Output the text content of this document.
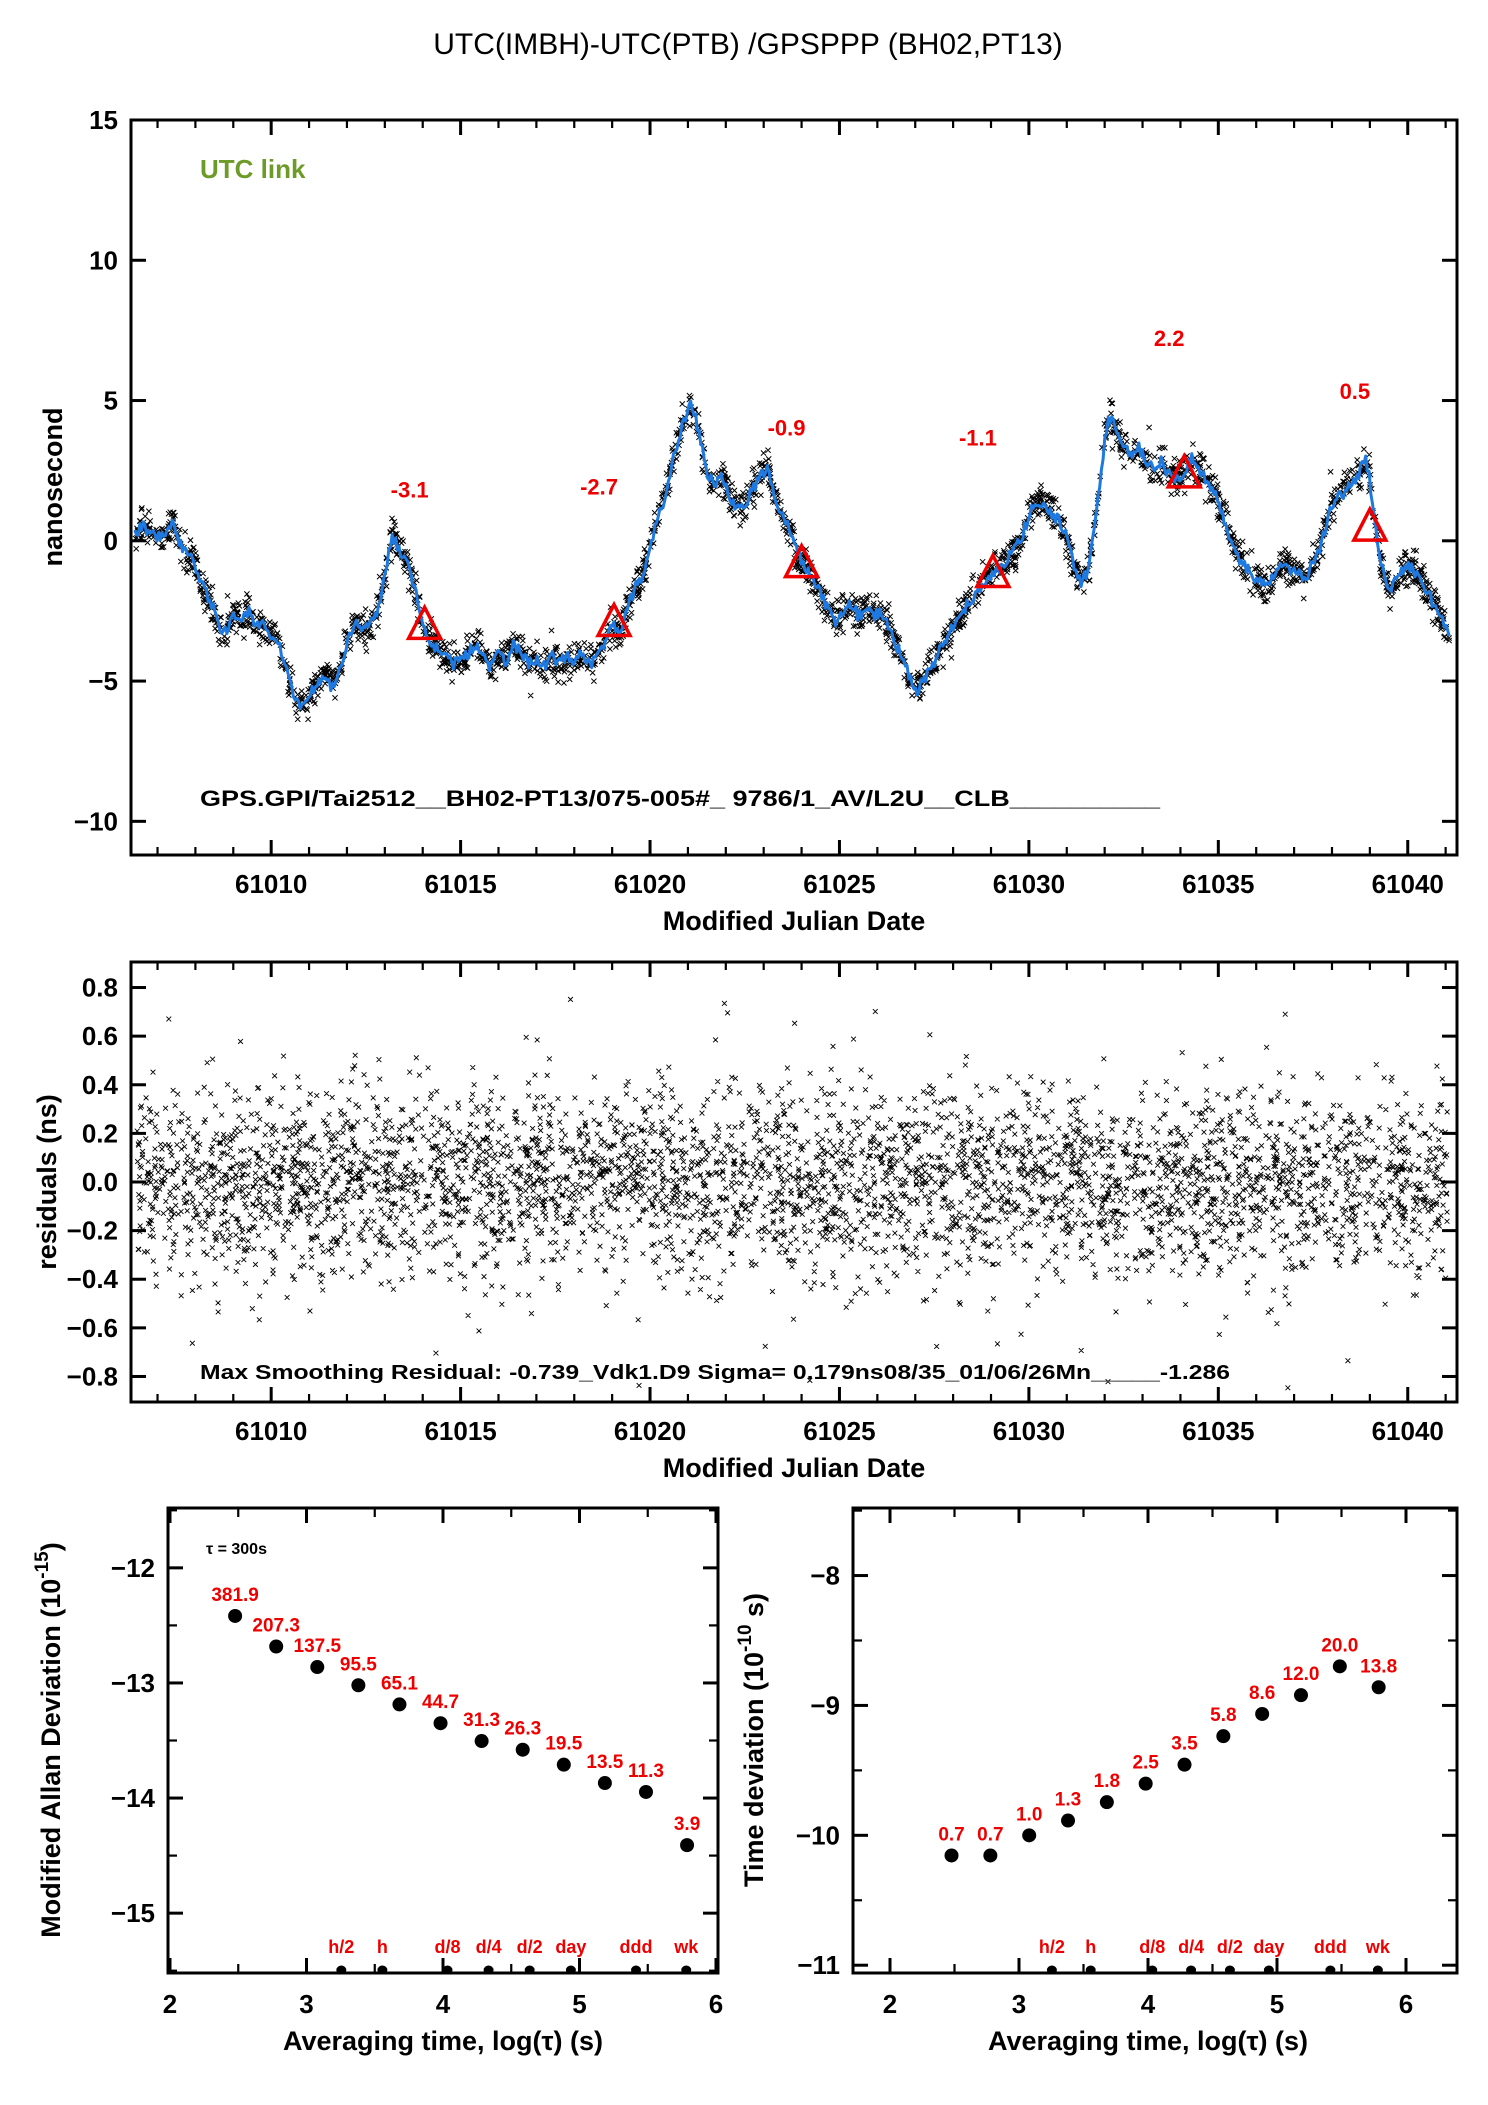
UTC(IMBH)-UTC(PTB) /GPSPPP (BH02,PT13)
UTC link
GPS.GPI/Tai2512__BH02-PT13/075-005#_ 9786/1_AV/L2U__CLB__________
nanosecond
Modified Julian Date
residuals (ns)
Max Smoothing Residual: -0.739_Vdk1.D9 Sigma= 0.179ns08/35_01/06/26Mn_____-1.286
Modified Julian Date
τ = 300s
Averaging time, log(τ) (s)	Averaging time, log(τ) (s)
61010	61015	61020	61025	61030	61035	61040
15
10
5
0
−5
−10
-3.1	-2.7
-0.9	-1.1
2.2
0.5
61010	61015	61020	61025	61030	61035	61040
0.8
0.6
0.4
0.2
0.0
−0.2
−0.4
−0.6
−0.8
2	3	4	5	6
−15
−14
−13
−12
381.9
207.3
137.5
95.5
65.1
44.7
31.3 26.3
19.5
13.5 11.3
3.9
h/2 h	d/8 d/4 d/2 day ddd wk
Modified Allan Deviation $(10^{-15})$
2	3	4	5	6
−11
−10
−9
−8
0.7 0.7
1.0
1.3
1.8
2.5
3.5
5.8
8.6
12.0
20.0
13.8
h/2 h d/8 d/4 d/2 day ddd wk
Time deviation ($10^{-10}$ s)
